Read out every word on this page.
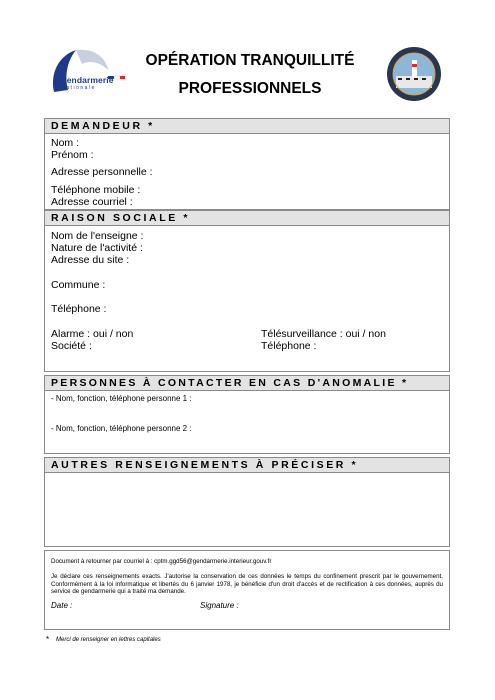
Gendarmerie
nationale
OPÉRATION TRANQUILLITÉ
PROFESSIONNELS
DEMANDEUR *
Nom :
Prénom :
Adresse personnelle :
Téléphone mobile :
Adresse courriel :
RAISON SOCIALE *
Nom de l'enseigne :
Nature de l'activité :
Adresse du site :
Commune :
Téléphone :
Alarme : oui / non
Société :
Télésurveillance : oui / non
Téléphone :
PERSONNES À CONTACTER EN CAS D'ANOMALIE *
- Nom, fonction, téléphone personne 1 :
- Nom, fonction, téléphone personne 2 :
AUTRES RENSEIGNEMENTS À PRÉCISER *
Document à retourner par courriel à : cptm.ggd56@gendarmerie.interieur.gouv.fr
Je déclare ces renseignements exacts. J'autorise la conservation de ces données le temps du confinement prescrit par le gouvernement. Conformément à la loi informatique et libertés du 6 janvier 1978, je bénéficie d'un droit d'accès et de rectification à ces données, auprès du service de gendarmerie qui a traité ma demande.
Date :	Signature :
* Merci de renseigner en lettres capitales
